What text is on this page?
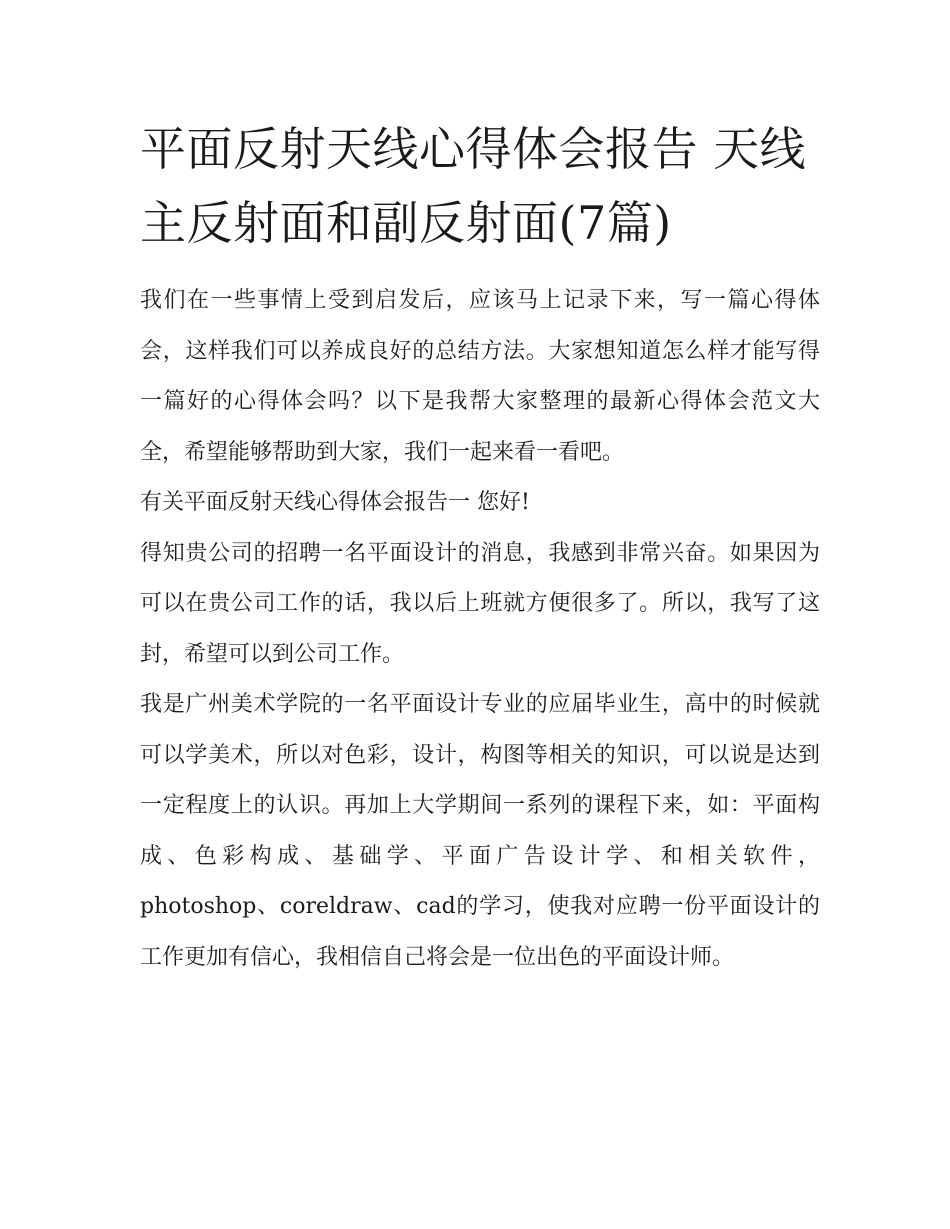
平面反射天线心得体会报告 天线主反射面和副反射面(7篇)

我们在一些事情上受到启发后，应该马上记录下来，写一篇心得体会，这样我们可以养成良好的总结方法。大家想知道怎么样才能写得一篇好的心得体会吗？以下是我帮大家整理的最新心得体会范文大全，希望能够帮助到大家，我们一起来看一看吧。

有关平面反射天线心得体会报告一 您好!

得知贵公司的招聘一名平面设计的消息，我感到非常兴奋。如果因为可以在贵公司工作的话，我以后上班就方便很多了。所以，我写了这封，希望可以到公司工作。

我是广州美术学院的一名平面设计专业的应届毕业生，高中的时候就可以学美术，所以对色彩，设计，构图等相关的知识，可以说是达到一定程度上的认识。再加上大学期间一系列的课程下来，如：平面构成、色彩构成、基础学、平面广告设计学、和相关软件，photoshop、coreldraw、cad的学习，使我对应聘一份平面设计的工作更加有信心，我相信自己将会是一位出色的平面设计师。
